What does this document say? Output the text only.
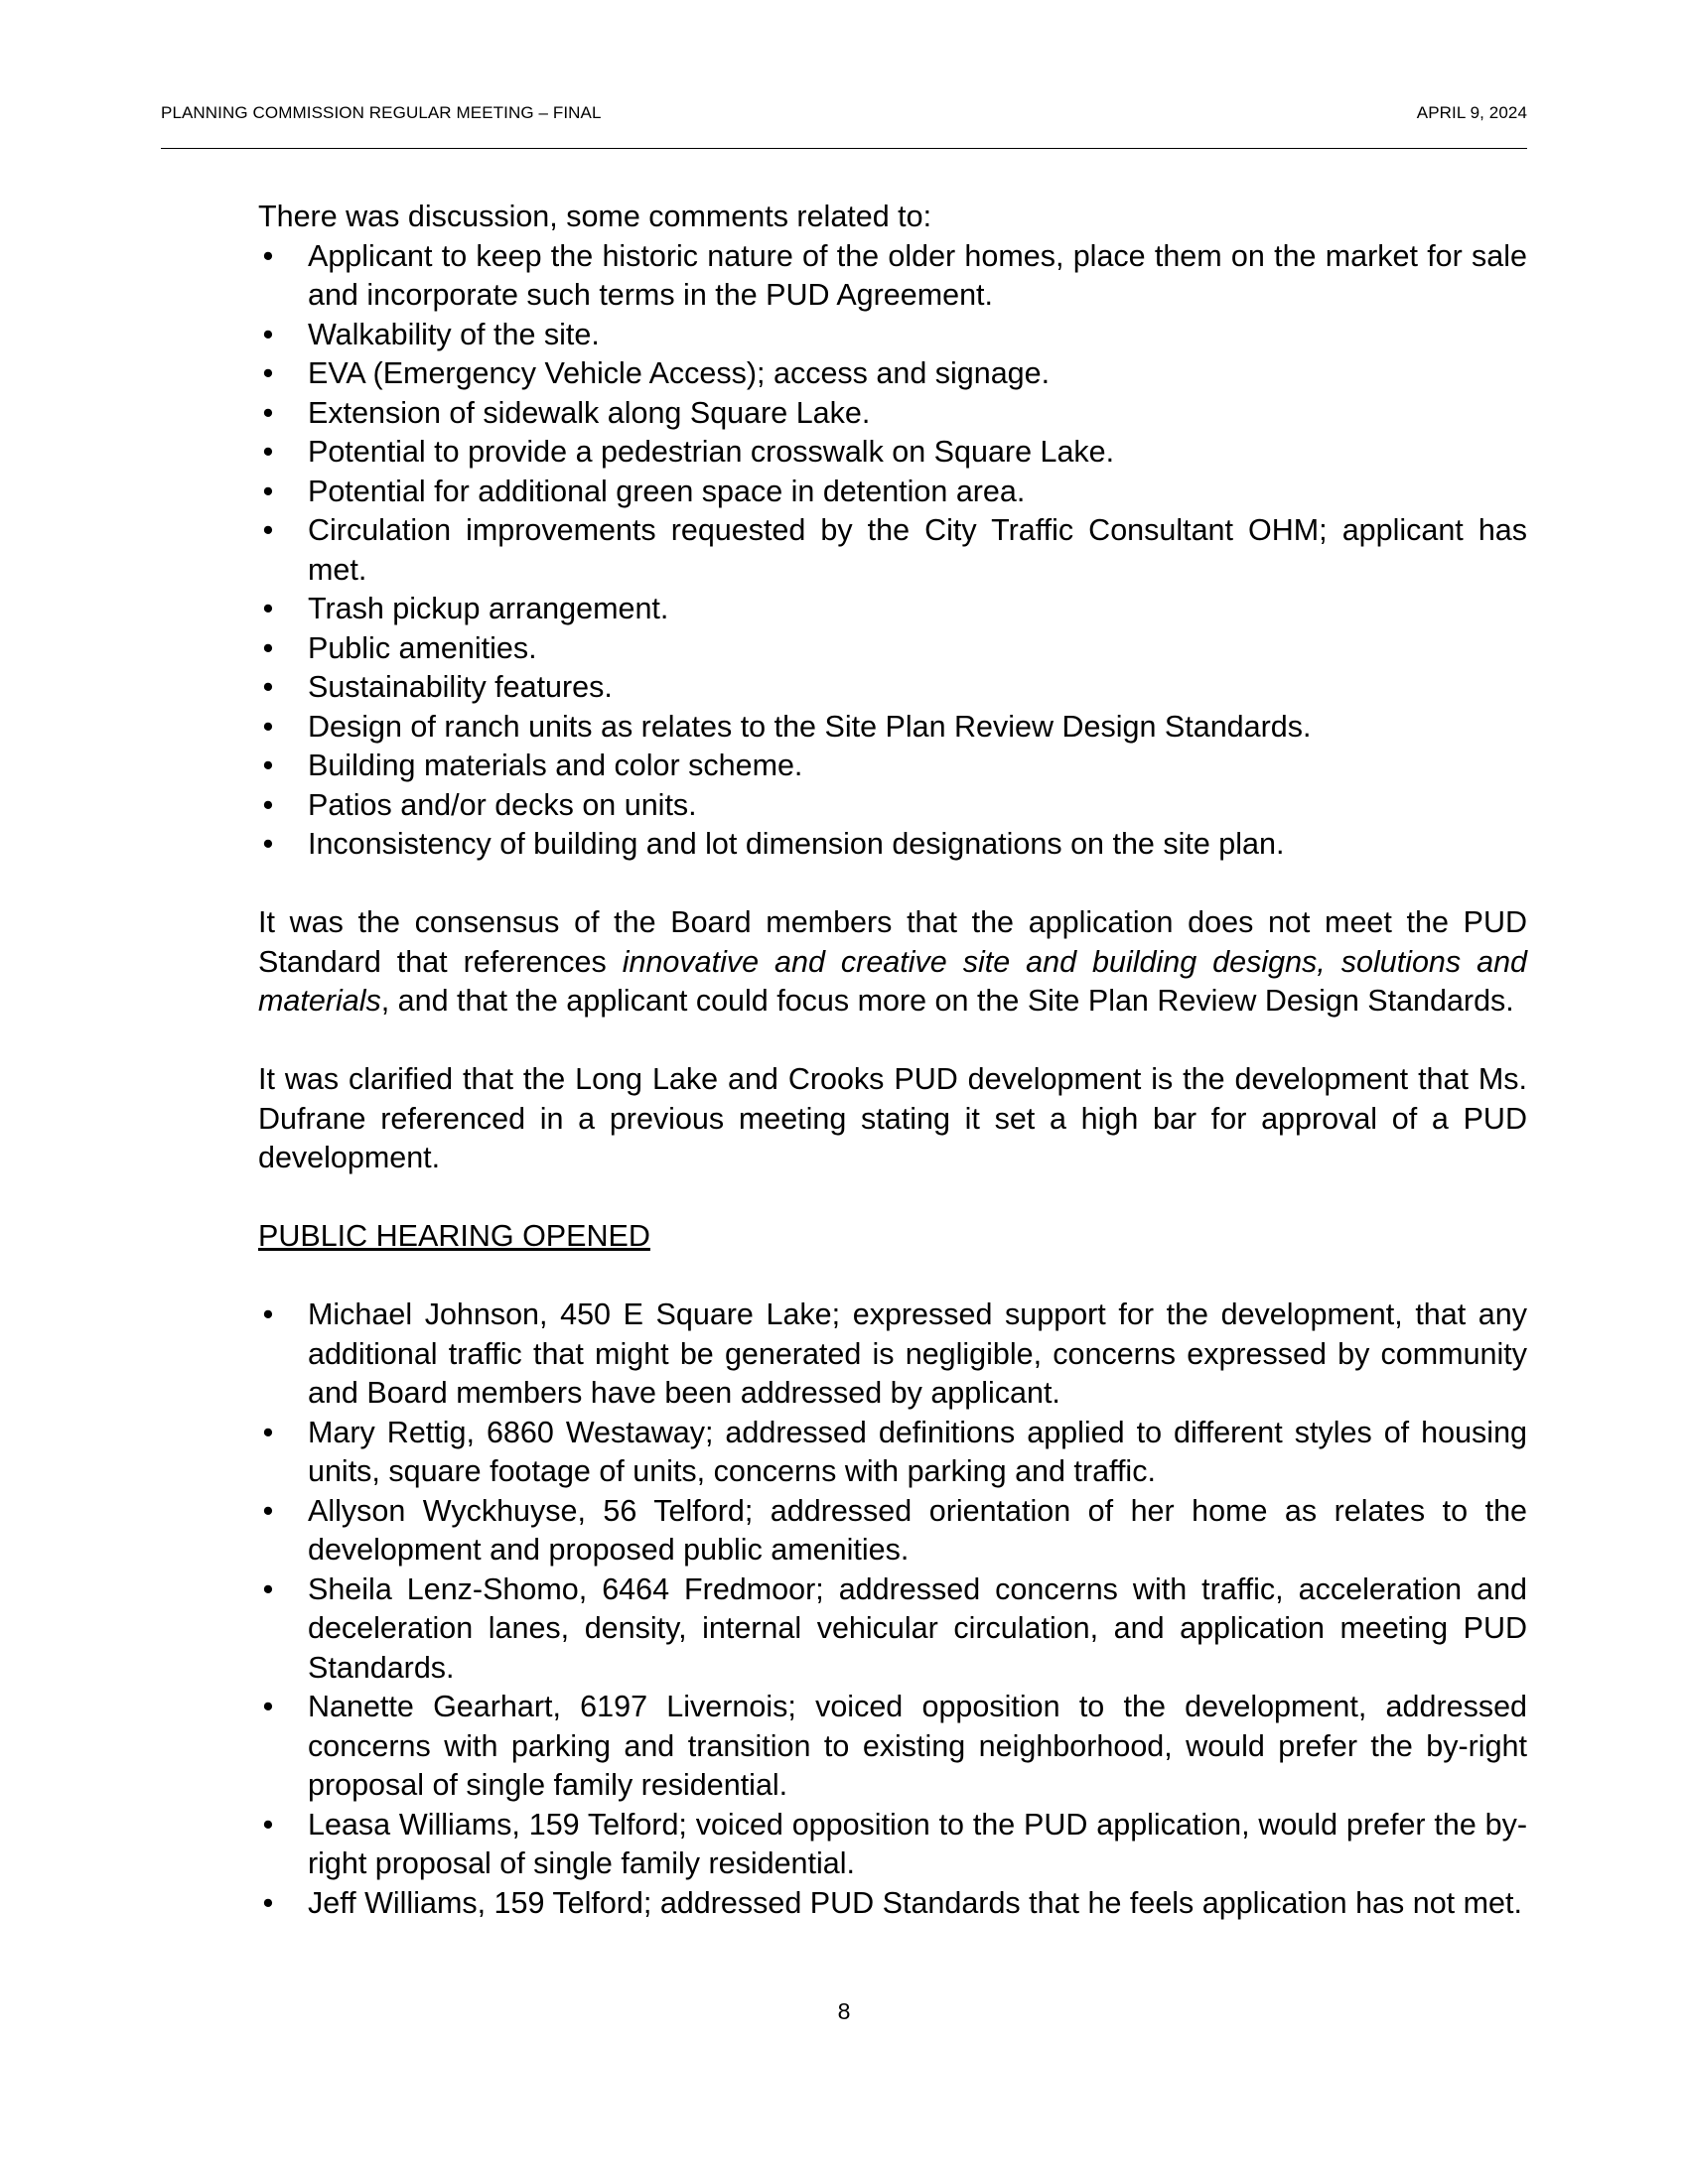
PLANNING COMMISSION REGULAR MEETING – FINAL	APRIL 9, 2024

There was discussion, some comments related to:

• Applicant to keep the historic nature of the older homes, place them on the market for sale and incorporate such terms in the PUD Agreement.
• Walkability of the site.
• EVA (Emergency Vehicle Access); access and signage.
• Extension of sidewalk along Square Lake.
• Potential to provide a pedestrian crosswalk on Square Lake.
• Potential for additional green space in detention area.
• Circulation improvements requested by the City Traffic Consultant OHM; applicant has met.
• Trash pickup arrangement.
• Public amenities.
• Sustainability features.
• Design of ranch units as relates to the Site Plan Review Design Standards.
• Building materials and color scheme.
• Patios and/or decks on units.
• Inconsistency of building and lot dimension designations on the site plan.

It was the consensus of the Board members that the application does not meet the PUD Standard that references innovative and creative site and building designs, solutions and materials, and that the applicant could focus more on the Site Plan Review Design Standards.

It was clarified that the Long Lake and Crooks PUD development is the development that Ms. Dufrane referenced in a previous meeting stating it set a high bar for approval of a PUD development.

PUBLIC HEARING OPENED

• Michael Johnson, 450 E Square Lake; expressed support for the development, that any additional traffic that might be generated is negligible, concerns expressed by community and Board members have been addressed by applicant.
• Mary Rettig, 6860 Westaway; addressed definitions applied to different styles of housing units, square footage of units, concerns with parking and traffic.
• Allyson Wyckhuyse, 56 Telford; addressed orientation of her home as relates to the development and proposed public amenities.
• Sheila Lenz-Shomo, 6464 Fredmoor; addressed concerns with traffic, acceleration and deceleration lanes, density, internal vehicular circulation, and application meeting PUD Standards.
• Nanette Gearhart, 6197 Livernois; voiced opposition to the development, addressed concerns with parking and transition to existing neighborhood, would prefer the by-right proposal of single family residential.
• Leasa Williams, 159 Telford; voiced opposition to the PUD application, would prefer the by-right proposal of single family residential.
• Jeff Williams, 159 Telford; addressed PUD Standards that he feels application has not met.
8
